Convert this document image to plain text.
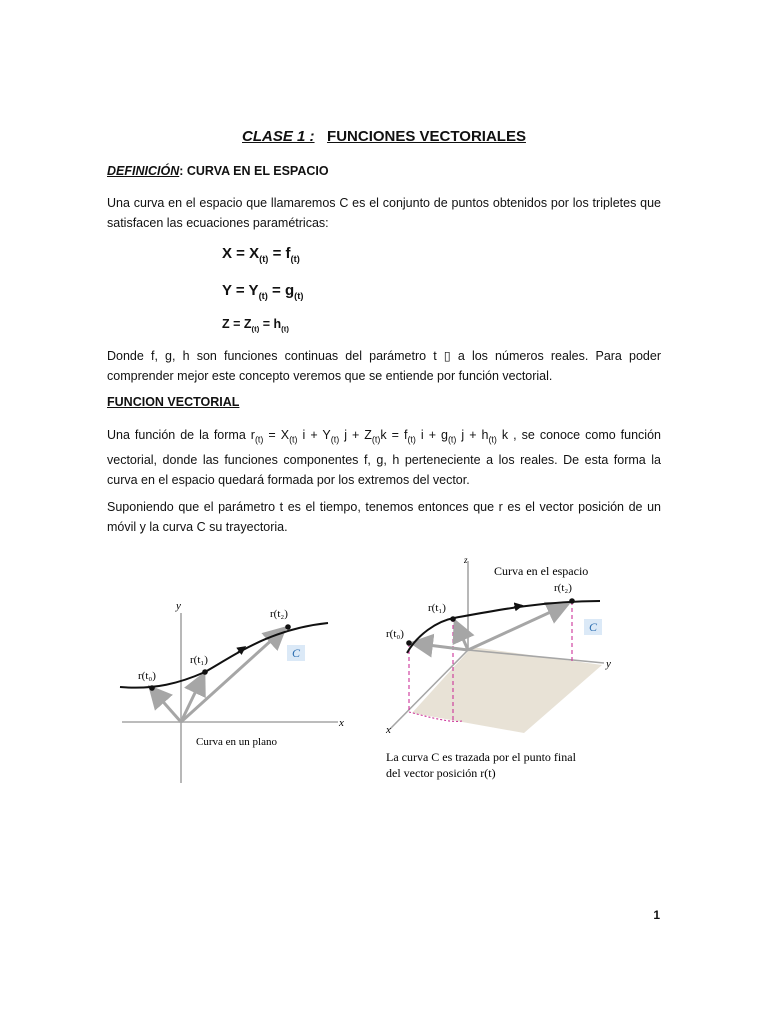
CLASE 1 : FUNCIONES VECTORIALES
DEFINICIÓN: CURVA EN EL ESPACIO
Una curva en el espacio que llamaremos C es el conjunto de puntos obtenidos por los tripletes que satisfacen las ecuaciones paramétricas:
$X = X_{(t)} = f_{(t)}$
$Y = Y_{(t)} = g_{(t)}$
$Z = Z_{(t)} = h_{(t)}$
Donde f, g, h son funciones continuas del parámetro t ▯ a los números reales. Para poder comprender mejor este concepto veremos que se entiende por función vectorial.
FUNCION VECTORIAL
Una función de la forma $r_{(t)} = X_{(t)}$ $i + Y_{(t)}$ $j + Z_{(t)}k = f_{(t)}$ $i + g_{(t)}$ $j + h_{(t)}$ k , se conoce como función vectorial, donde las funciones componentes f, g, h perteneciente a los reales. De esta forma la curva en el espacio quedará formada por los extremos del vector.
Suponiendo que el parámetro t es el tiempo, tenemos entonces que r es el vector posición de un móvil y la curva C su trayectoria.
y
x
r(t₀)
r(t₁)
r(t₂)
C
Curva en un plano
z
y
x
Curva en el espacio
r(t₀)
r(t₁)
r(t₂)
C
La curva C es trazada por el punto final
del vector posición r(t)
1
